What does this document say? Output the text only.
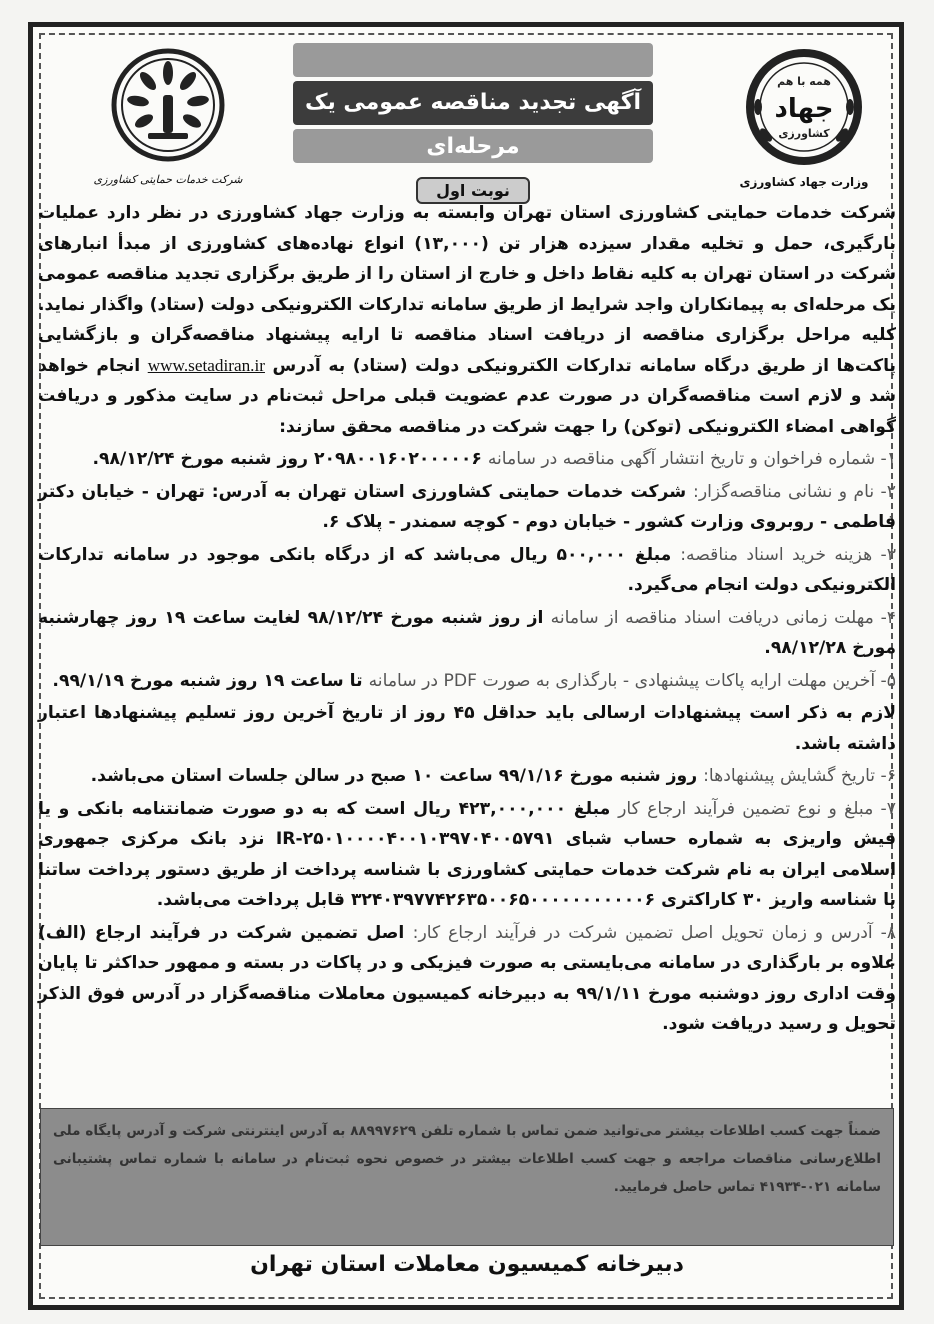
شرکت خدمات حمایتی کشاورزی
آگهی تجدید مناقصه عمومی یک مرحله‌ای
نوبت اول
همه با هم
جهاد
کشاورزی
وزارت جهاد کشاورزی

شرکت خدمات حمایتی کشاورزی استان تهران وابسته به وزارت جهاد کشاورزی در نظر دارد عملیات بارگیری، حمل و تخلیه مقدار سیزده هزار تن (۱۳,۰۰۰) انواع نهاده‌های کشاورزی از مبدأ انبارهای شرکت در استان تهران به کلیه نقاط داخل و خارج از استان را از طریق برگزاری تجدید مناقصه عمومی یک مرحله‌ای به پیمانکاران واجد شرایط از طریق سامانه تدارکات الکترونیکی دولت (ستاد) واگذار نماید. کلیه مراحل برگزاری مناقصه از دریافت اسناد مناقصه تا ارایه پیشنهاد مناقصه‌گران و بازگشایی پاکت‌ها از طریق درگاه سامانه تدارکات الکترونیکی دولت (ستاد) به آدرس www.setadiran.ir انجام خواهد شد و لازم است مناقصه‌گران در صورت عدم عضویت قبلی مراحل ثبت‌نام در سایت مذکور و دریافت گواهی امضاء الکترونیکی (توکن) را جهت شرکت در مناقصه محقق سازند:

۱- شماره فراخوان و تاریخ انتشار آگهی مناقصه در سامانه ۲۰۹۸۰۰۱۶۰۲۰۰۰۰۰۶ روز شنبه مورخ ۹۸/۱۲/۲۴.

۲- نام و نشانی مناقصه‌گزار: شرکت خدمات حمایتی کشاورزی استان تهران به آدرس: تهران - خیابان دکتر فاطمی - روبروی وزارت کشور - خیابان دوم - کوچه سمندر - پلاک ۶.

۳- هزینه خرید اسناد مناقصه: مبلغ ۵۰۰,۰۰۰ ریال می‌باشد که از درگاه بانکی موجود در سامانه تدارکات الکترونیکی دولت انجام می‌گیرد.

۴- مهلت زمانی دریافت اسناد مناقصه از سامانه از روز شنبه مورخ ۹۸/۱۲/۲۴ لغایت ساعت ۱۹ روز چهارشنبه مورخ ۹۸/۱۲/۲۸.

۵- آخرین مهلت ارایه پاکات پیشنهادی - بارگذاری به صورت PDF در سامانه تا ساعت ۱۹ روز شنبه مورخ ۹۹/۱/۱۹.

لازم به ذکر است پیشنهادات ارسالی باید حداقل ۴۵ روز از تاریخ آخرین روز تسلیم پیشنهادها اعتبار داشته باشد.

۶- تاریخ گشایش پیشنهادها: روز شنبه مورخ ۹۹/۱/۱۶ ساعت ۱۰ صبح در سالن جلسات استان می‌باشد.

۷- مبلغ و نوع تضمین فرآیند ارجاع کار مبلغ ۴۲۳,۰۰۰,۰۰۰ ریال است که به دو صورت ضمانتنامه بانکی و یا فیش واریزی به شماره حساب شبای IR-۲۵۰۱۰۰۰۰۴۰۰۱۰۳۹۷۰۴۰۰۵۷۹۱ نزد بانک مرکزی جمهوری اسلامی ایران به نام شرکت خدمات حمایتی کشاورزی با شناسه پرداخت از طریق دستور پرداخت ساتنا با شناسه واریز ۳۰ کاراکتری ۳۲۴۰۳۹۷۷۴۲۶۳۵۰۰۶۵۰۰۰۰۰۰۰۰۰۰۰۶ قابل پرداخت می‌باشد.

۸- آدرس و زمان تحویل اصل تضمین شرکت در فرآیند ارجاع کار: اصل تضمین شرکت در فرآیند ارجاع (الف) علاوه بر بارگذاری در سامانه می‌بایستی به صورت فیزیکی و در پاکات در بسته و ممهور حداکثر تا پایان وقت اداری روز دوشنبه مورخ ۹۹/۱/۱۱ به دبیرخانه کمیسیون معاملات مناقصه‌گزار در آدرس فوق الذکر تحویل و رسید دریافت شود.

ضمناً جهت کسب اطلاعات بیشتر می‌توانید ضمن تماس با شماره تلفن ۸۸۹۹۷۶۲۹ به آدرس اینترنتی شرکت و آدرس پایگاه ملی اطلاع‌رسانی مناقصات مراجعه و جهت کسب اطلاعات بیشتر در خصوص نحوه ثبت‌نام در سامانه با شماره تماس پشتیبانی سامانه ۰۲۱-۴۱۹۳۴ تماس حاصل فرمایید.

دبیرخانه کمیسیون معاملات استان تهران
